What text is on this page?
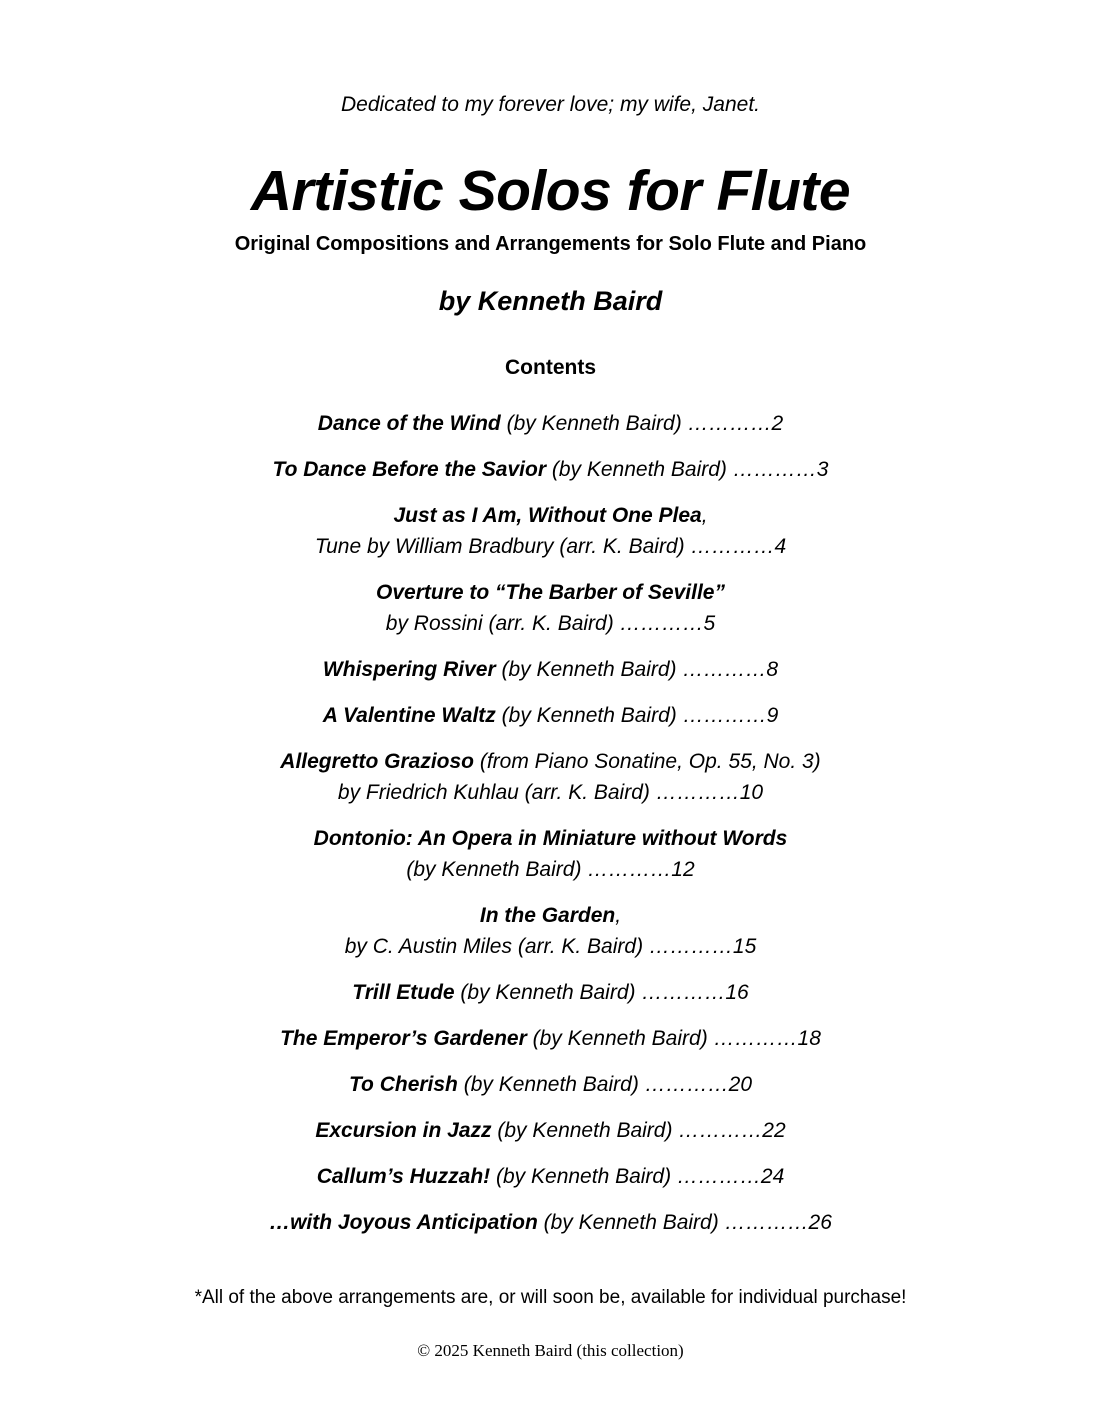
Dedicated to my forever love; my wife, Janet.
Artistic Solos for Flute
Original Compositions and Arrangements for Solo Flute and Piano
by Kenneth Baird
Contents
Dance of the Wind (by Kenneth Baird) …………2
To Dance Before the Savior (by Kenneth Baird) …………3
Just as I Am, Without One Plea,
Tune by William Bradbury (arr. K. Baird) …………4
Overture to “The Barber of Seville”
by Rossini (arr. K. Baird) …………5
Whispering River (by Kenneth Baird) …………8
A Valentine Waltz (by Kenneth Baird) …………9
Allegretto Grazioso (from Piano Sonatine, Op. 55, No. 3)
by Friedrich Kuhlau (arr. K. Baird) …………10
Dontonio: An Opera in Miniature without Words
(by Kenneth Baird) …………12
In the Garden,
by C. Austin Miles (arr. K. Baird) …………15
Trill Etude (by Kenneth Baird) …………16
The Emperor’s Gardener (by Kenneth Baird) …………18
To Cherish (by Kenneth Baird) …………20
Excursion in Jazz (by Kenneth Baird) …………22
Callum’s Huzzah! (by Kenneth Baird) …………24
…with Joyous Anticipation (by Kenneth Baird) …………26
*All of the above arrangements are, or will soon be, available for individual purchase!
© 2025 Kenneth Baird (this collection)
